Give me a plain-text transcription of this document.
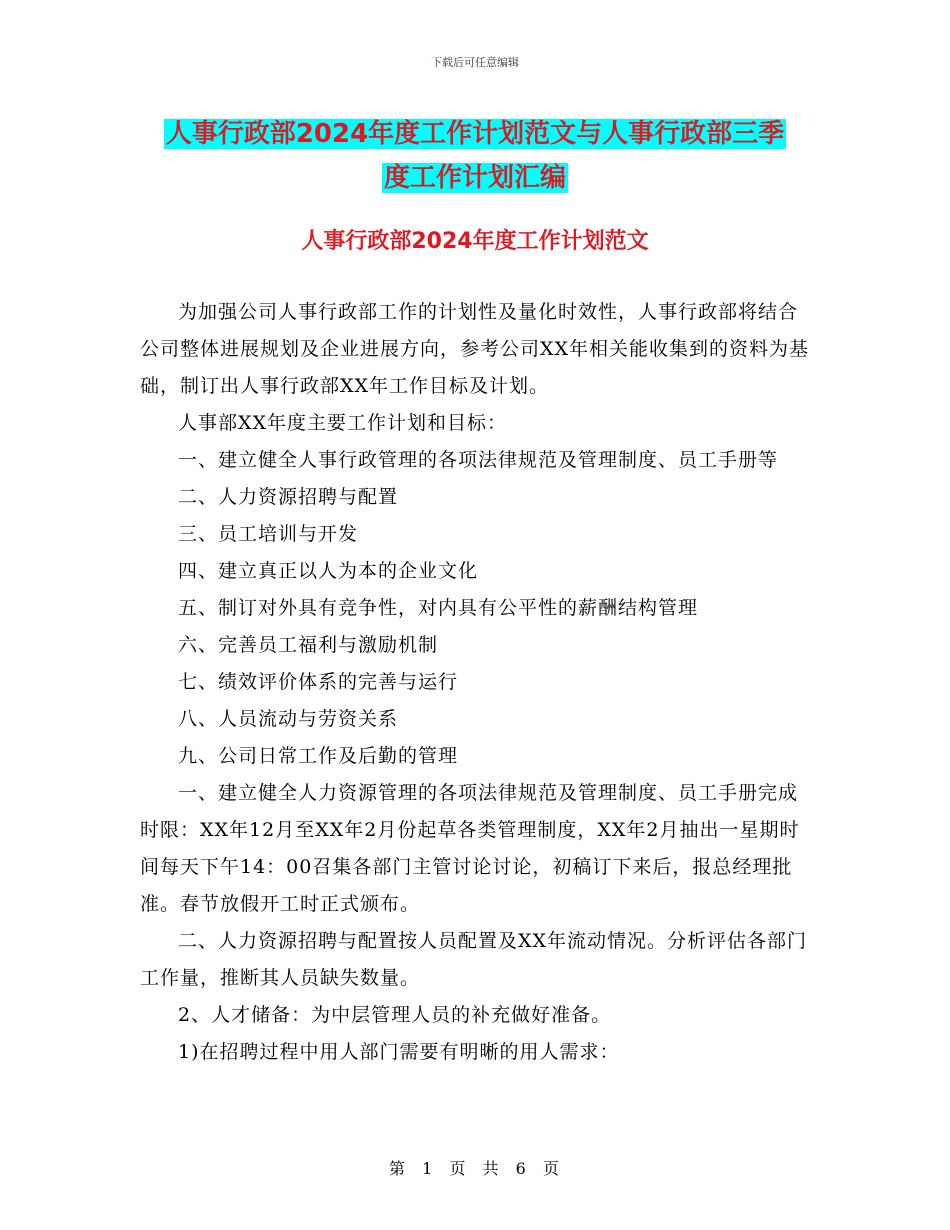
下载后可任意编辑
人事行政部2024年度工作计划范文与人事行政部三季
度工作计划汇编
人事行政部2024年度工作计划范文

为加强公司人事行政部工作的计划性及量化时效性，人事行政部将结合公司整体进展规划及企业进展方向，参考公司XX年相关能收集到的资料为基础，制订出人事行政部XX年工作目标及计划。

人事部XX年度主要工作计划和目标：

一、建立健全人事行政管理的各项法律规范及管理制度、员工手册等

二、人力资源招聘与配置

三、员工培训与开发

四、建立真正以人为本的企业文化

五、制订对外具有竞争性，对内具有公平性的薪酬结构管理

六、完善员工福利与激励机制

七、绩效评价体系的完善与运行

八、人员流动与劳资关系

九、公司日常工作及后勤的管理

一、建立健全人力资源管理的各项法律规范及管理制度、员工手册完成时限：XX年12月至XX年2月份起草各类管理制度，XX年2月抽出一星期时间每天下午14：00召集各部门主管讨论讨论，初稿订下来后，报总经理批准。春节放假开工时正式颁布。

二、人力资源招聘与配置按人员配置及XX年流动情况。分析评估各部门工作量，推断其人员缺失数量。

2、人才储备：为中层管理人员的补充做好准备。

1)在招聘过程中用人部门需要有明晰的用人需求：

第 1 页 共 6 页
